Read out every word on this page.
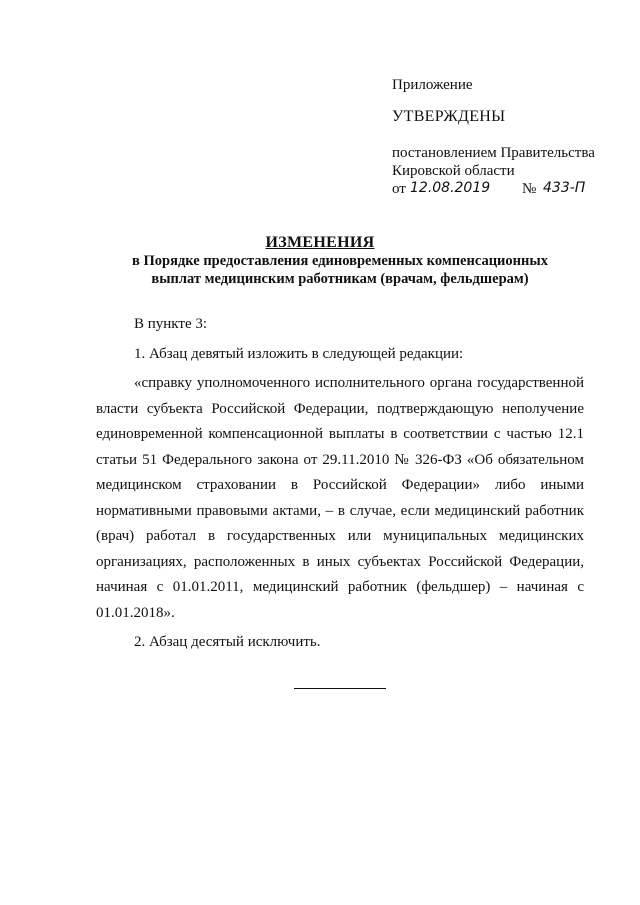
Приложение
УТВЕРЖДЕНЫ
постановлением Правительства
Кировской области
от 12.08.2019 № 433-П
ИЗМЕНЕНИЯ
в Порядке предоставления единовременных компенсационных
выплат медицинским работникам (врачам, фельдшерам)

В пункте 3:

1. Абзац девятый изложить в следующей редакции:

«справку уполномоченного исполнительного органа государственной власти субъекта Российской Федерации, подтверждающую неполучение единовременной компенсационной выплаты в соответствии с частью 12.1 статьи 51 Федерального закона от 29.11.2010 № 326-ФЗ «Об обязательном медицинском страховании в Российской Федерации» либо иными нормативными правовыми актами, – в случае, если медицинский работник (врач) работал в государственных или муниципальных медицинских организациях, расположенных в иных субъектах Российской Федерации, начиная с 01.01.2011, медицинский работник (фельдшер) – начиная с 01.01.2018».

2. Абзац десятый исключить.
